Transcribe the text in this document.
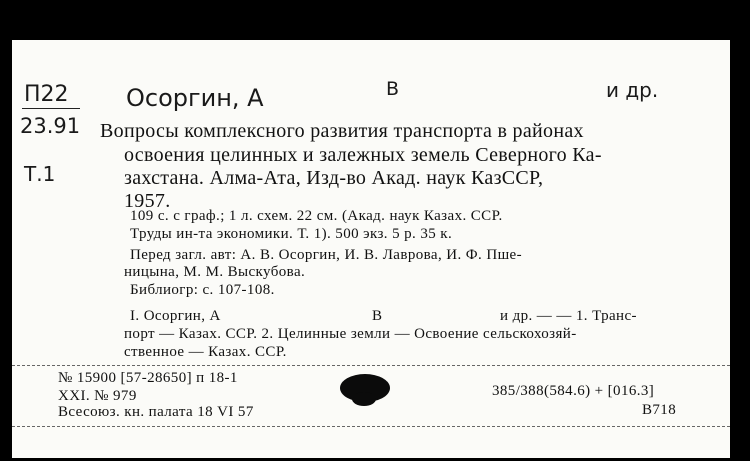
П22
23.91
Т.1
Осоргин, А	В	и др.
Вопросы комплексного развития транспорта в районах
освоения целинных и залежных земель Северного Ка-
захстана. Алма-Ата, Изд-во Акад. наук КазССР,
1957.
109 с. с граф.; 1 л. схем. 22 см. (Акад. наук Казах. ССР.
Труды ин-та экономики. Т. 1). 500 экз. 5 р. 35 к.
Перед загл. авт: А. В. Осоргин, И. В. Лаврова, И. Ф. Пше-
ницына, М. М. Выскубова.
Библиогр: с. 107-108.
I. Осоргин, А	В	и др. — — 1. Транс-
порт — Казах. ССР. 2. Целинные земли — Освоение сельскохозяй-
ственное — Казах. ССР.
№ 15900 [57-28650] п 18-1
XXI. № 979
Всесоюз. кн. палата 18 VI 57
385/388(584.6) + [016.3]
В718
